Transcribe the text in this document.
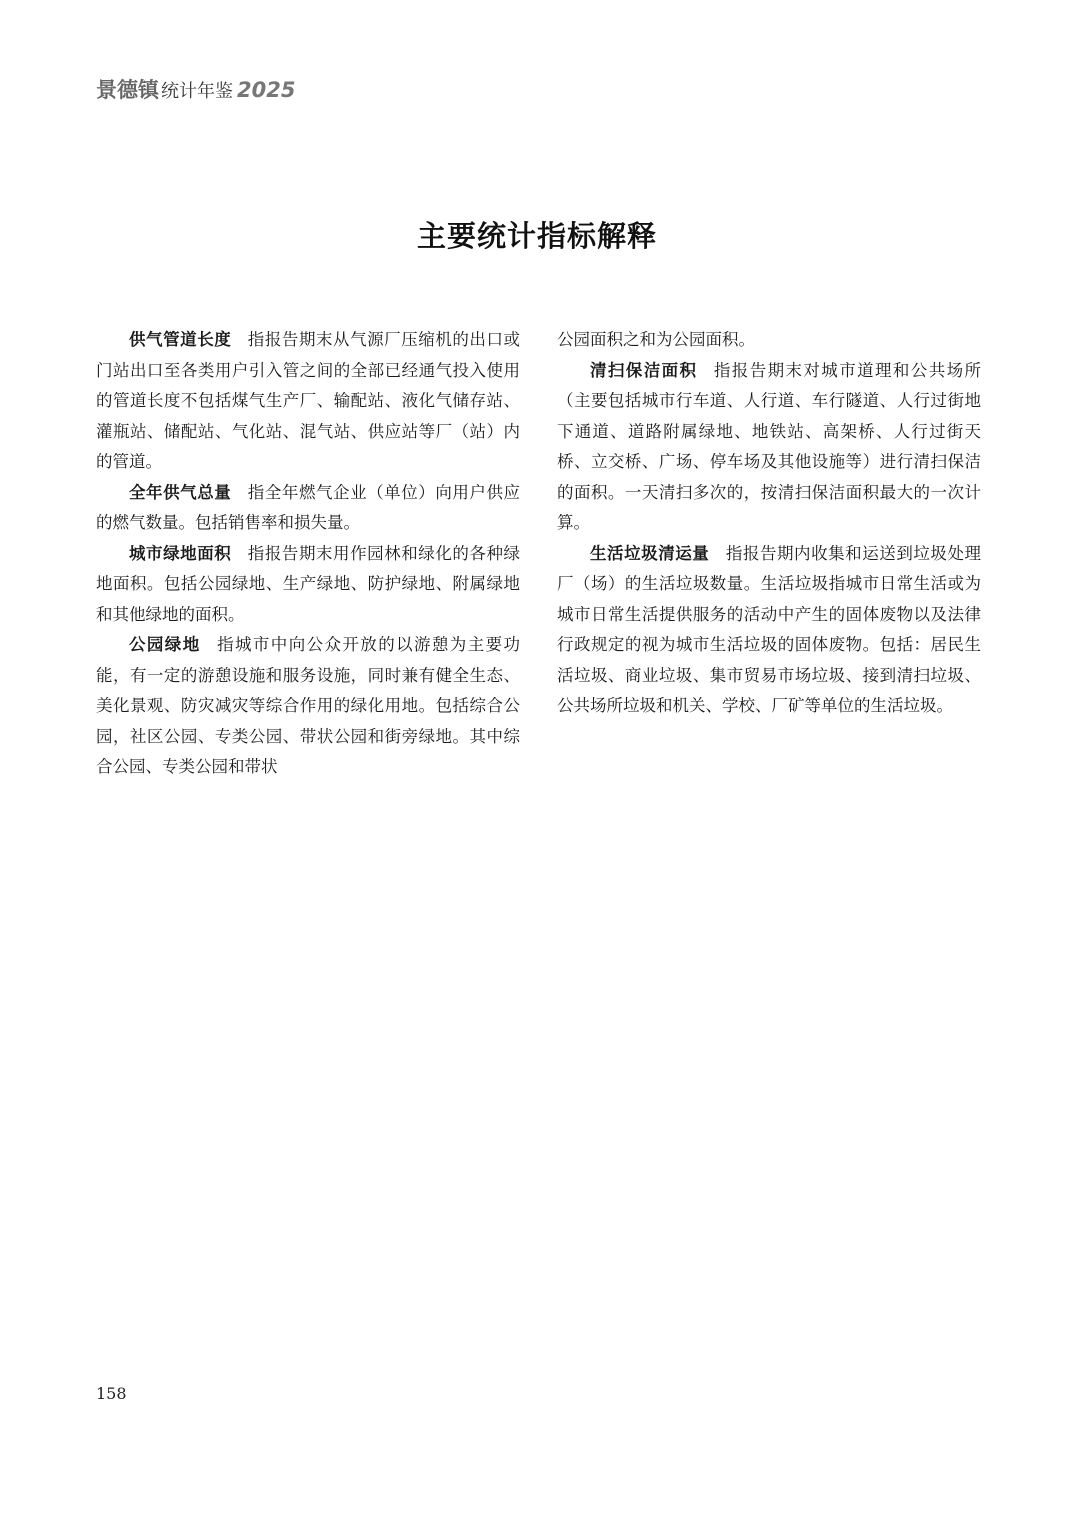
景德镇 统计年鉴 2025
主要统计指标解释

供气管道长度 指报告期末从气源厂压缩机的出口或门站出口至各类用户引入管之间的全部已经通气投入使用的管道长度不包括煤气生产厂、输配站、液化气储存站、灌瓶站、储配站、气化站、混气站、供应站等厂（站）内的管道。

全年供气总量 指全年燃气企业（单位）向用户供应的燃气数量。包括销售率和损失量。

城市绿地面积 指报告期末用作园林和绿化的各种绿地面积。包括公园绿地、生产绿地、防护绿地、附属绿地和其他绿地的面积。

公园绿地 指城市中向公众开放的以游憩为主要功能，有一定的游憩设施和服务设施，同时兼有健全生态、美化景观、防灾减灾等综合作用的绿化用地。包括综合公园，社区公园、专类公园、带状公园和街旁绿地。其中综合公园、专类公园和带状

公园面积之和为公园面积。

清扫保洁面积 指报告期末对城市道理和公共场所（主要包括城市行车道、人行道、车行隧道、人行过街地下通道、道路附属绿地、地铁站、高架桥、人行过街天桥、立交桥、广场、停车场及其他设施等）进行清扫保洁的面积。一天清扫多次的，按清扫保洁面积最大的一次计算。

生活垃圾清运量 指报告期内收集和运送到垃圾处理厂（场）的生活垃圾数量。生活垃圾指城市日常生活或为城市日常生活提供服务的活动中产生的固体废物以及法律行政规定的视为城市生活垃圾的固体废物。包括：居民生活垃圾、商业垃圾、集市贸易市场垃圾、接到清扫垃圾、公共场所垃圾和机关、学校、厂矿等单位的生活垃圾。

158
